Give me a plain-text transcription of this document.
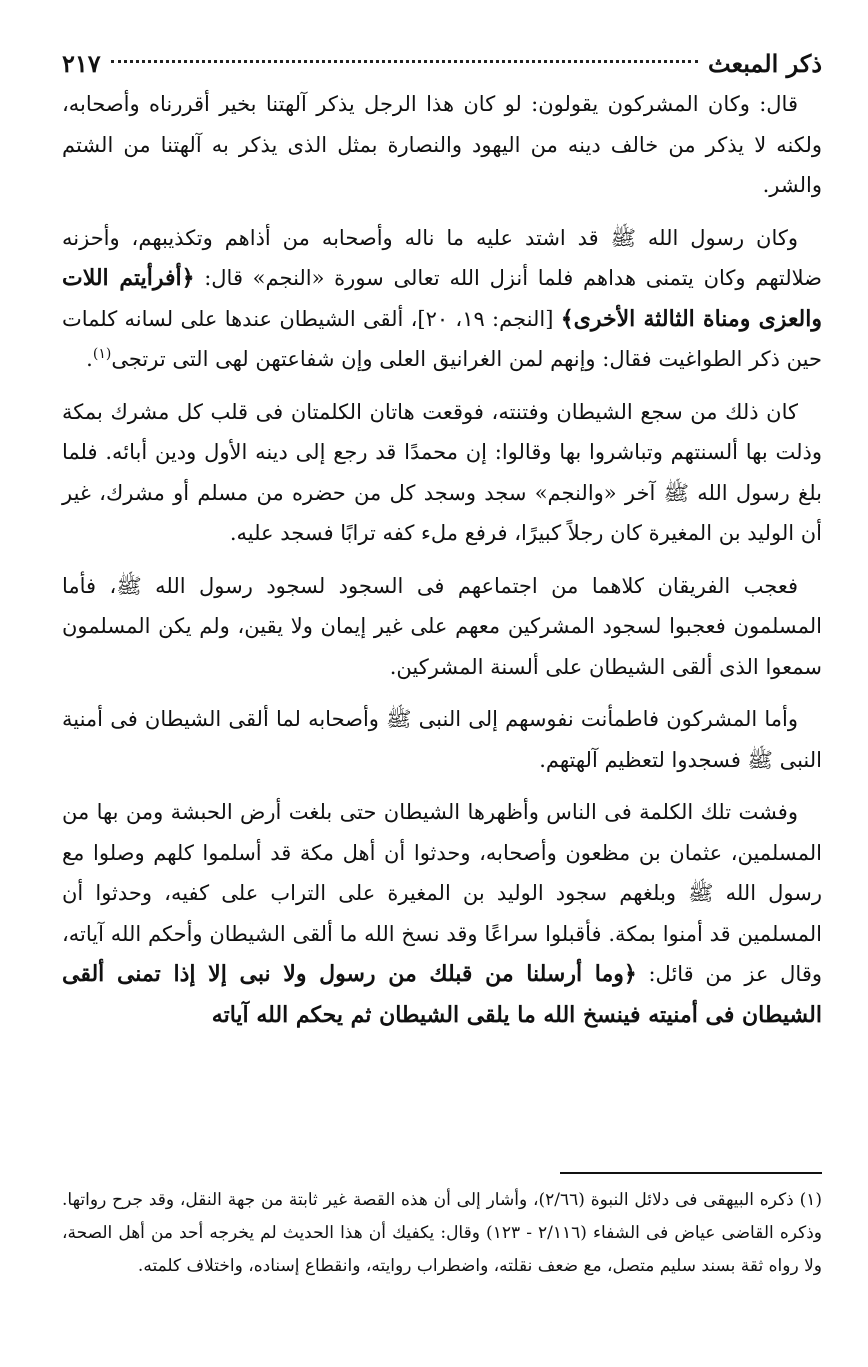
ذكر المبعث
٢١٧

قال: وكان المشركون يقولون: لو كان هذا الرجل يذكر آلهتنا بخير أقررناه وأصحابه، ولكنه لا يذكر من خالف دينه من اليهود والنصارة بمثل الذى يذكر به آلهتنا من الشتم والشر.

وكان رسول الله ﷺ قد اشتد عليه ما ناله وأصحابه من أذاهم وتكذيبهم، وأحزنه ضلالتهم وكان يتمنى هداهم فلما أنزل الله تعالى سورة «النجم» قال: ﴿أفرأيتم اللات والعزى ومناة الثالثة الأخرى﴾ [النجم: ١٩، ٢٠]، ألقى الشيطان عندها على لسانه كلمات حين ذكر الطواغيت فقال: وإنهم لمن الغرانيق العلى وإن شفاعتهن لهى التى ترتجى$^{(١)}$.

كان ذلك من سجع الشيطان وفتنته، فوقعت هاتان الكلمتان فى قلب كل مشرك بمكة وذلت بها ألسنتهم وتباشروا بها وقالوا: إن محمدًا قد رجع إلى دينه الأول ودين أبائه. فلما بلغ رسول الله ﷺ آخر «والنجم» سجد وسجد كل من حضره من مسلم أو مشرك، غير أن الوليد بن المغيرة كان رجلاً كبيرًا، فرفع ملء كفه ترابًا فسجد عليه.

فعجب الفريقان كلاهما من اجتماعهم فى السجود لسجود رسول الله ﷺ، فأما المسلمون فعجبوا لسجود المشركين معهم على غير إيمان ولا يقين، ولم يكن المسلمون سمعوا الذى ألقى الشيطان على ألسنة المشركين.

وأما المشركون فاطمأنت نفوسهم إلى النبى ﷺ وأصحابه لما ألقى الشيطان فى أمنية النبى ﷺ فسجدوا لتعظيم آلهتهم.

وفشت تلك الكلمة فى الناس وأظهرها الشيطان حتى بلغت أرض الحبشة ومن بها من المسلمين، عثمان بن مظعون وأصحابه، وحدثوا أن أهل مكة قد أسلموا كلهم وصلوا مع رسول الله ﷺ وبلغهم سجود الوليد بن المغيرة على التراب على كفيه، وحدثوا أن المسلمين قد أمنوا بمكة. فأقبلوا سراعًا وقد نسخ الله ما ألقى الشيطان وأحكم الله آياته، وقال عز من قائل: ﴿وما أرسلنا من قبلك من رسول ولا نبى إلا إذا تمنى ألقى الشيطان فى أمنيته فينسخ الله ما يلقى الشيطان ثم يحكم الله آياته

(١) ذكره البيهقى فى دلائل النبوة (٢/٦٦)، وأشار إلى أن هذه القصة غير ثابتة من جهة النقل، وقد جرح رواتها. وذكره القاضى عياض فى الشفاء (٢/١١٦ - ١٢٣) وقال: يكفيك أن هذا الحديث لم يخرجه أحد من أهل الصحة، ولا رواه ثقة بسند سليم متصل، مع ضعف نقلته، واضطراب روايته، وانقطاع إسناده، واختلاف كلمته.
